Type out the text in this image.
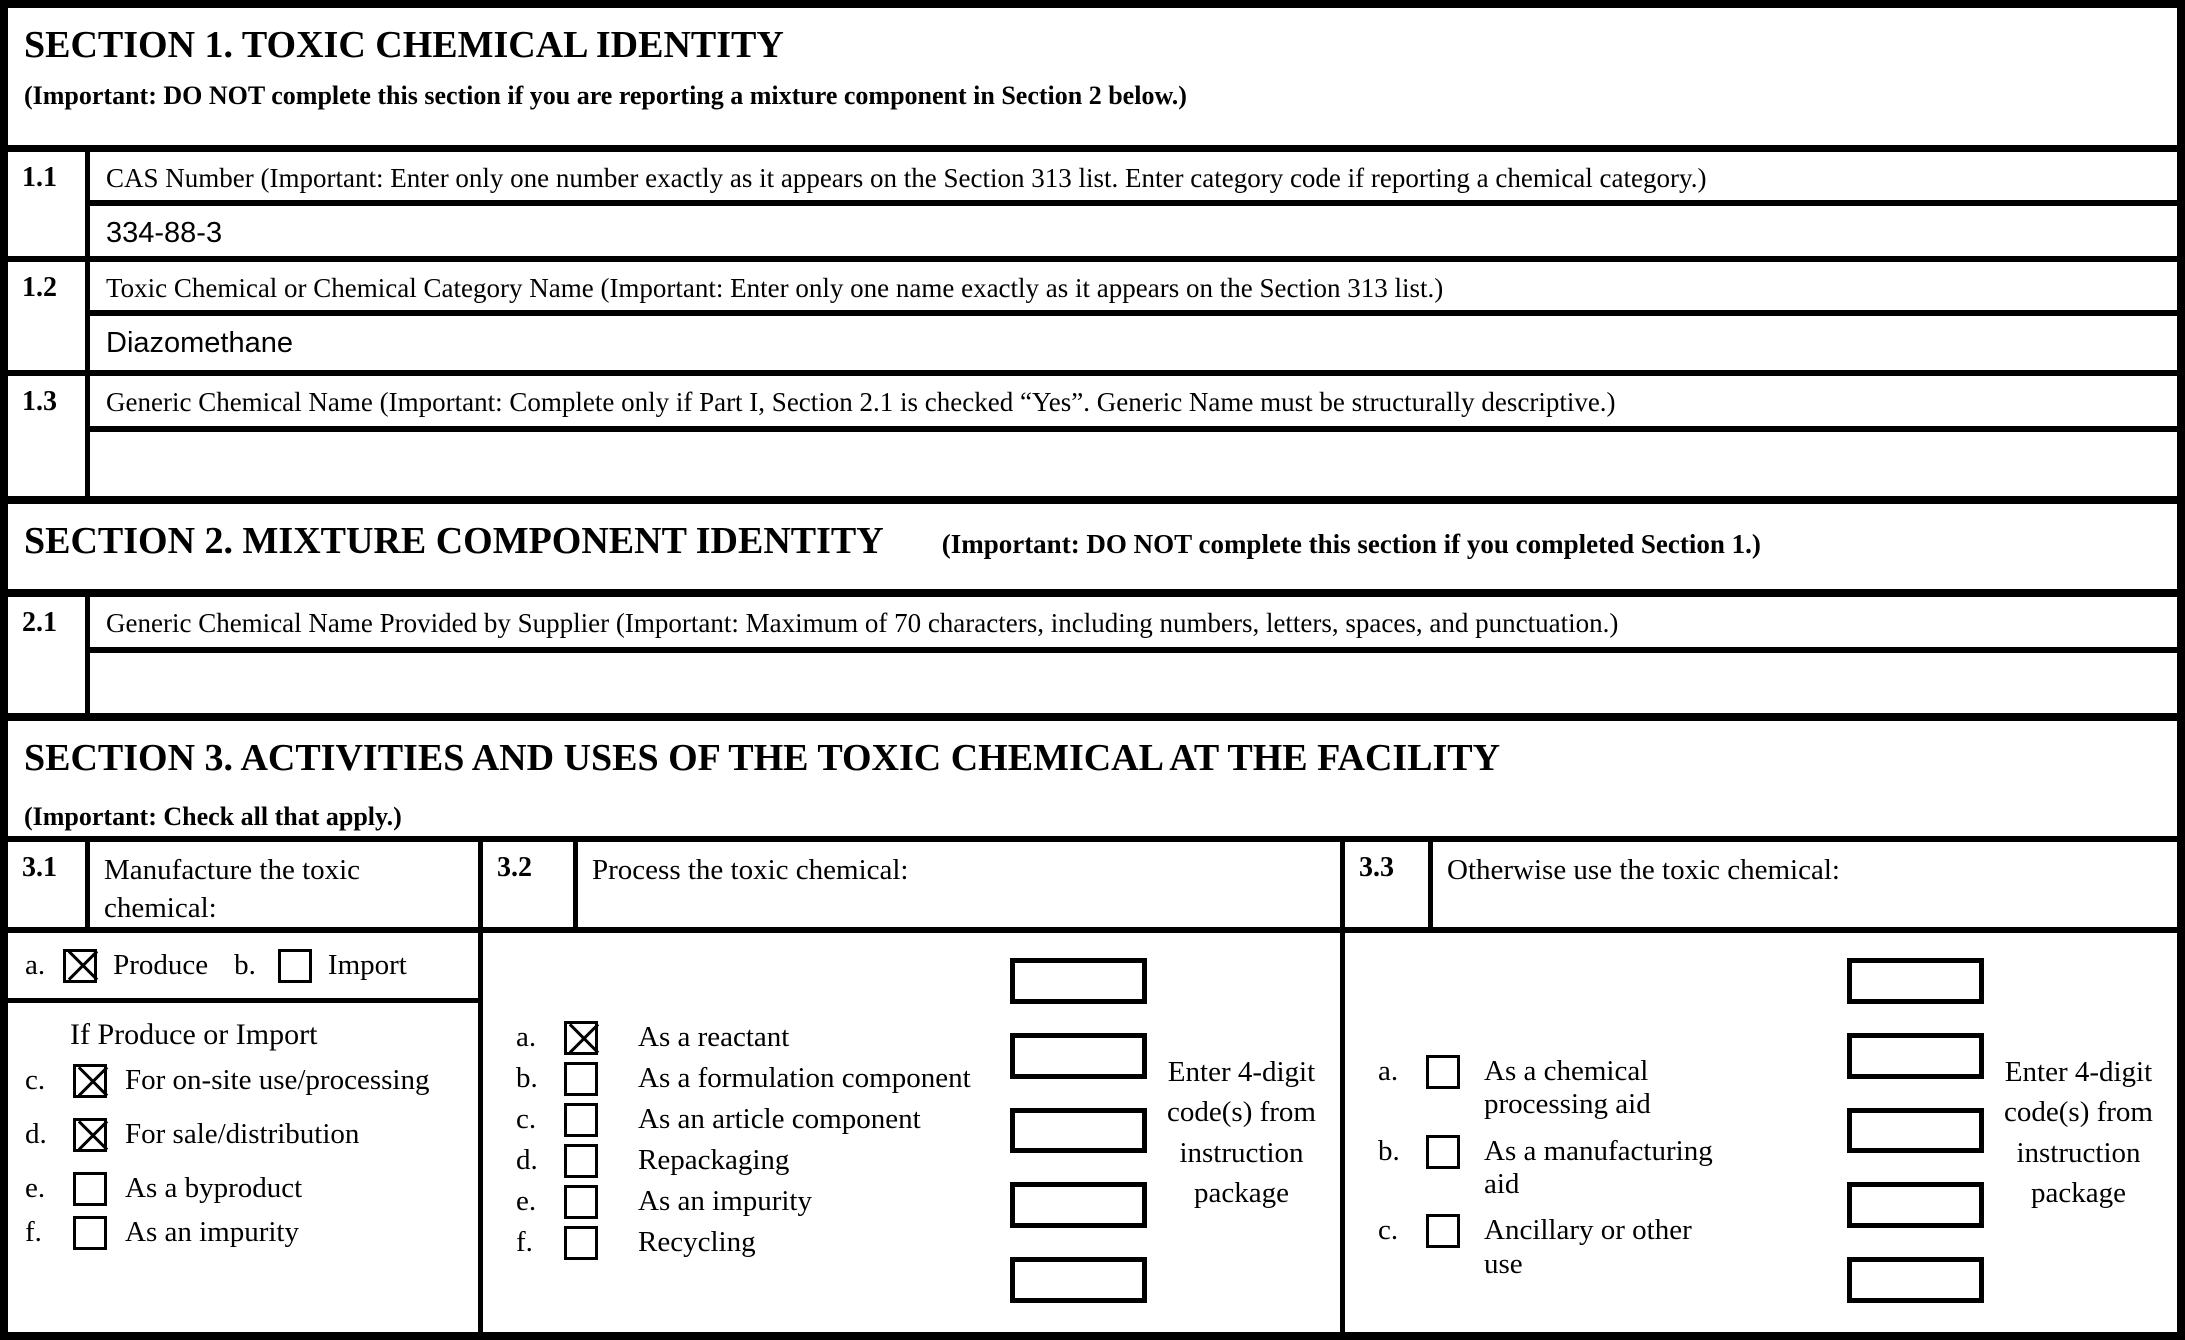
SECTION 1. TOXIC CHEMICAL IDENTITY
(Important: DO NOT complete this section if you are reporting a mixture component in Section 2 below.)
1.1	CAS Number (Important: Enter only one number exactly as it appears on the Section 313 list. Enter category code if reporting a chemical category.)
334-88-3
1.2	Toxic Chemical or Chemical Category Name (Important: Enter only one name exactly as it appears on the Section 313 list.)
Diazomethane
1.3	Generic Chemical Name (Important: Complete only if Part I, Section 2.1 is checked “Yes”. Generic Name must be structurally descriptive.)
SECTION 2. MIXTURE COMPONENT IDENTITY (Important: DO NOT complete this section if you completed Section 1.)
2.1	Generic Chemical Name Provided by Supplier (Important: Maximum of 70 characters, including numbers, letters, spaces, and punctuation.)
SECTION 3. ACTIVITIES AND USES OF THE TOXIC CHEMICAL AT THE FACILITY
(Important: Check all that apply.)
3.1	Manufacture the toxic chemical:
3.2	Process the toxic chemical:	3.3	Otherwise use the toxic chemical:
a. Produce b. Import
If Produce or Import
c.	For on-site use/processing
d.	For sale/distribution
e.	As a byproduct
f.	As an impurity
a.	As a reactant
b.	As a formulation component
c.	As an article component
d.	Repackaging
e.	As an impurity
f.	Recycling
Enter 4-digit
code(s) from
instruction
package
a.	As a chemical processing aid
b.	As a manufacturing aid
c.	Ancillary or other use
Enter 4-digit
code(s) from
instruction
package
